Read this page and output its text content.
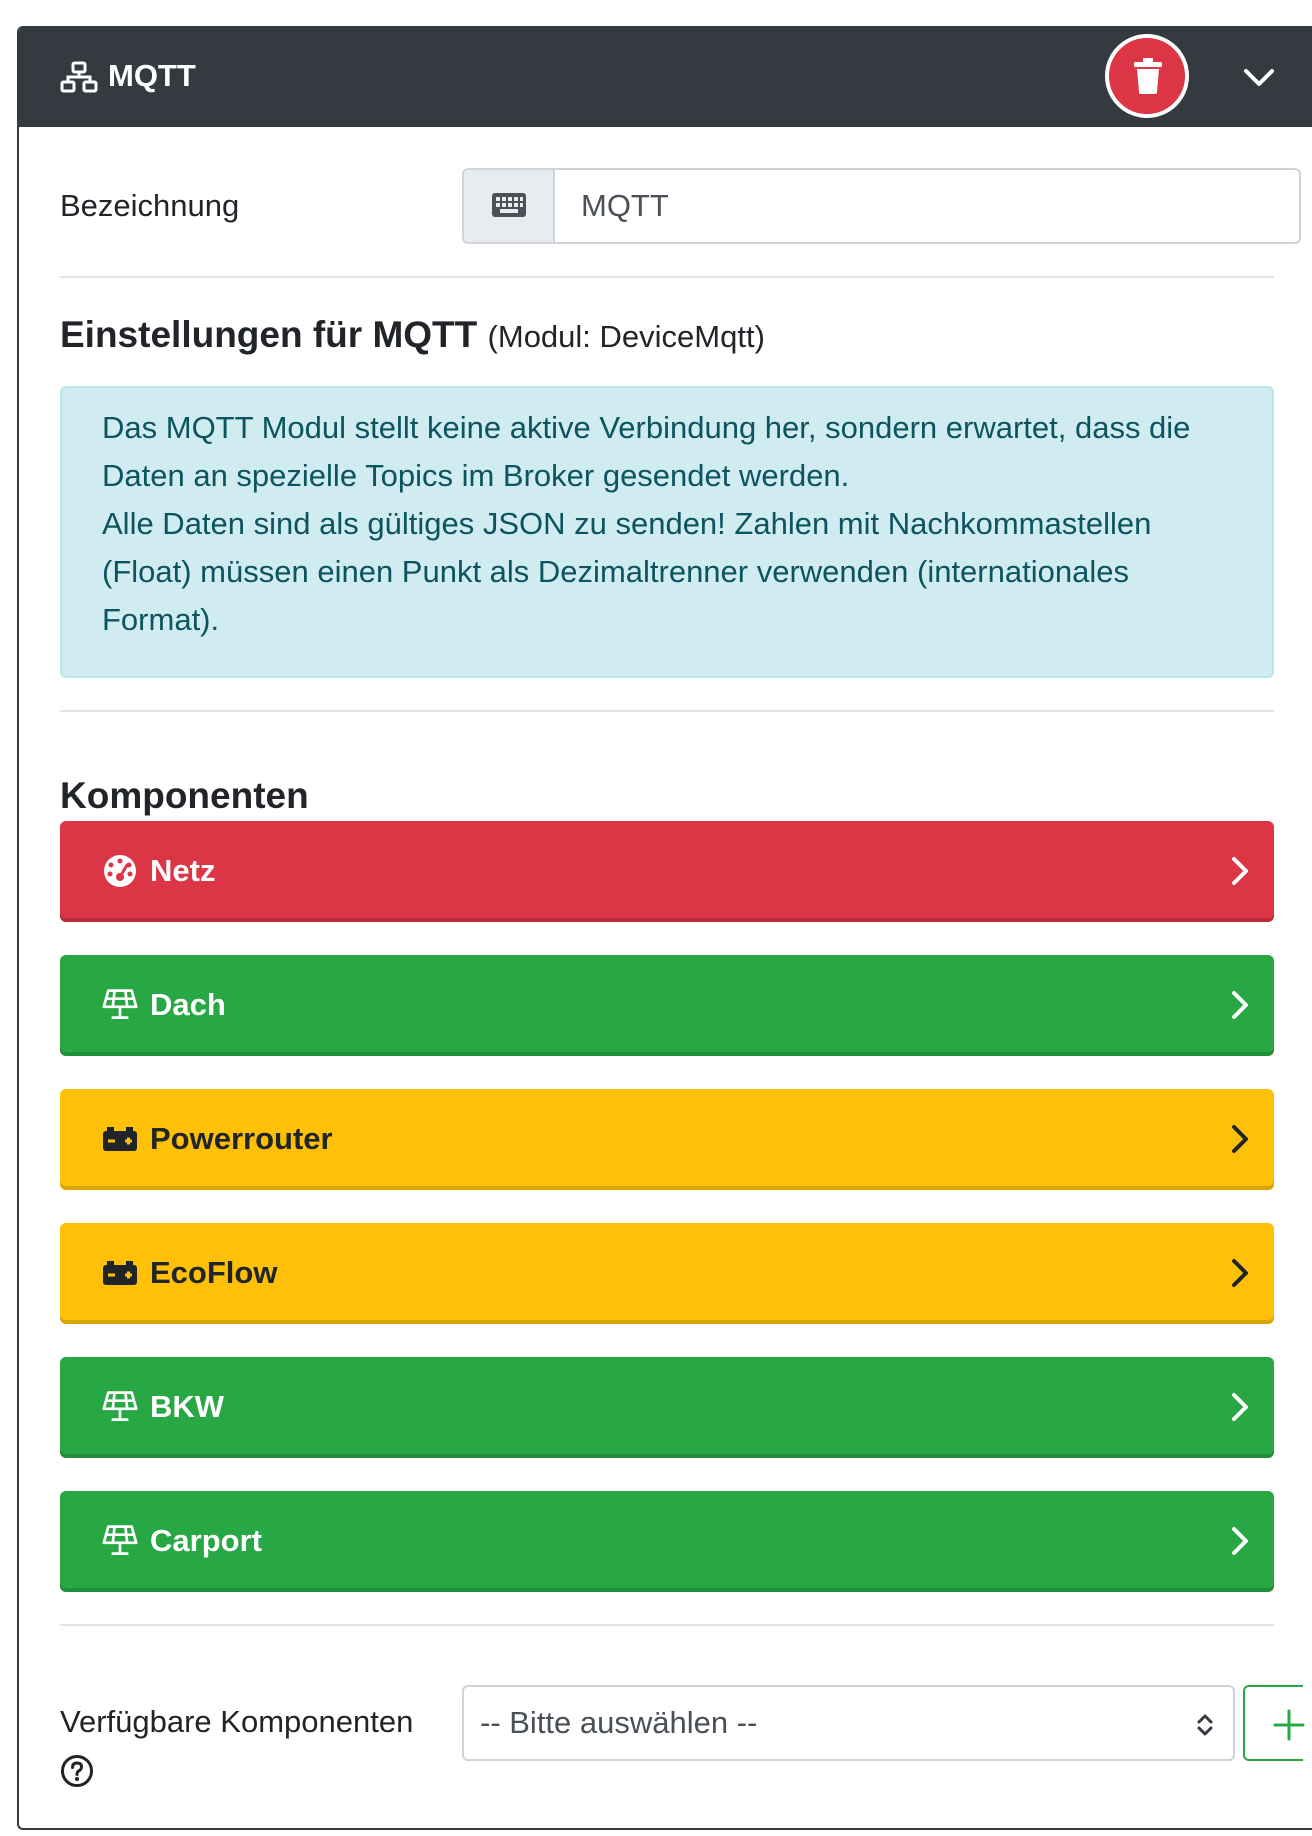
MQTT
Bezeichnung
MQTT
Einstellungen für MQTT (Modul: DeviceMqtt)
Das MQTT Modul stellt keine aktive Verbindung her, sondern erwartet, dass die Daten an spezielle Topics im Broker gesendet werden.
Alle Daten sind als gültiges JSON zu senden! Zahlen mit Nachkommastellen (Float) müssen einen Punkt als Dezimaltrenner verwenden (internationales Format).
Komponenten
Netz
Dach
Powerrouter
EcoFlow
BKW
Carport
Verfügbare Komponenten -- Bitte auswählen --
